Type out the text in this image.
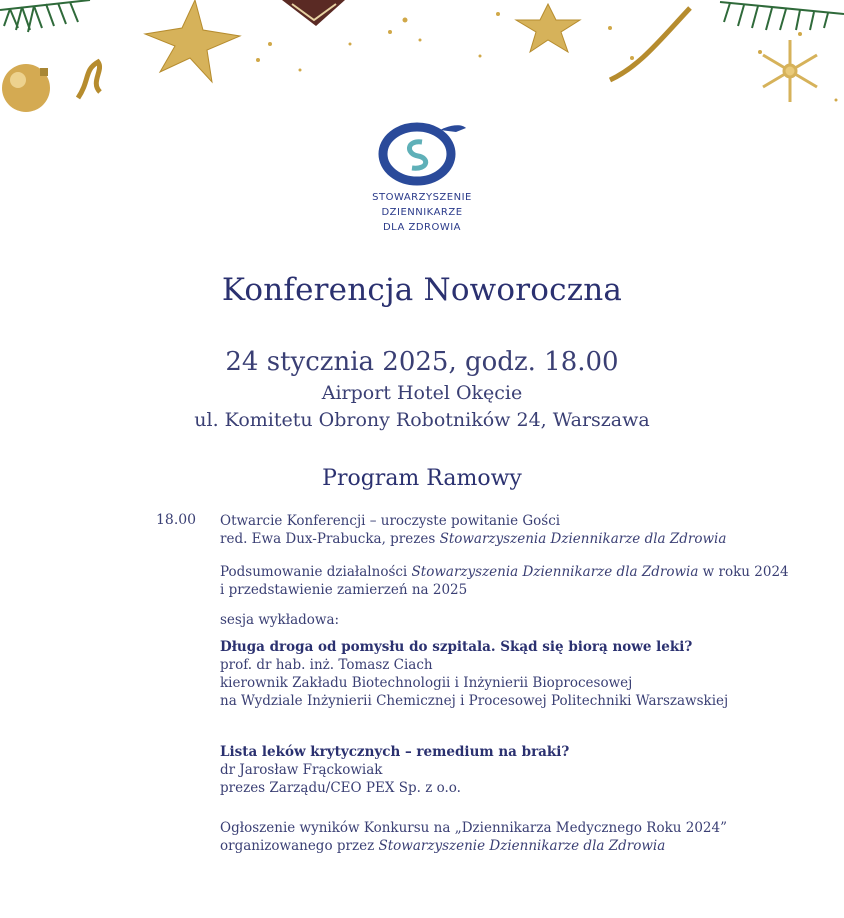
STOWARZYSZENIE
DZIENNIKARZE
DLA ZDROWIA
Konferencja Noworoczna
24 stycznia 2025, godz. 18.00
Airport Hotel Okęcie
ul. Komitetu Obrony Robotników 24, Warszawa
Program Ramowy
18.00 Otwarcie Konferencji – uroczyste powitanie Gości
red. Ewa Dux-Prabucka, prezes Stowarzyszenia Dziennikarze dla Zdrowia
Podsumowanie działalności Stowarzyszenia Dziennikarze dla Zdrowia w roku 2024
i przedstawienie zamierzeń na 2025
sesja wykładowa:
Długa droga od pomysłu do szpitala. Skąd się biorą nowe leki?
prof. dr hab. inż. Tomasz Ciach
kierownik Zakładu Biotechnologii i Inżynierii Bioprocesowej
na Wydziale Inżynierii Chemicznej i Procesowej Politechniki Warszawskiej
Lista leków krytycznych – remedium na braki?
dr Jarosław Frąckowiak
prezes Zarządu/CEO PEX Sp. z o.o.
Ogłoszenie wyników Konkursu na „Dziennikarza Medycznego Roku 2024”
organizowanego przez Stowarzyszenie Dziennikarze dla Zdrowia
